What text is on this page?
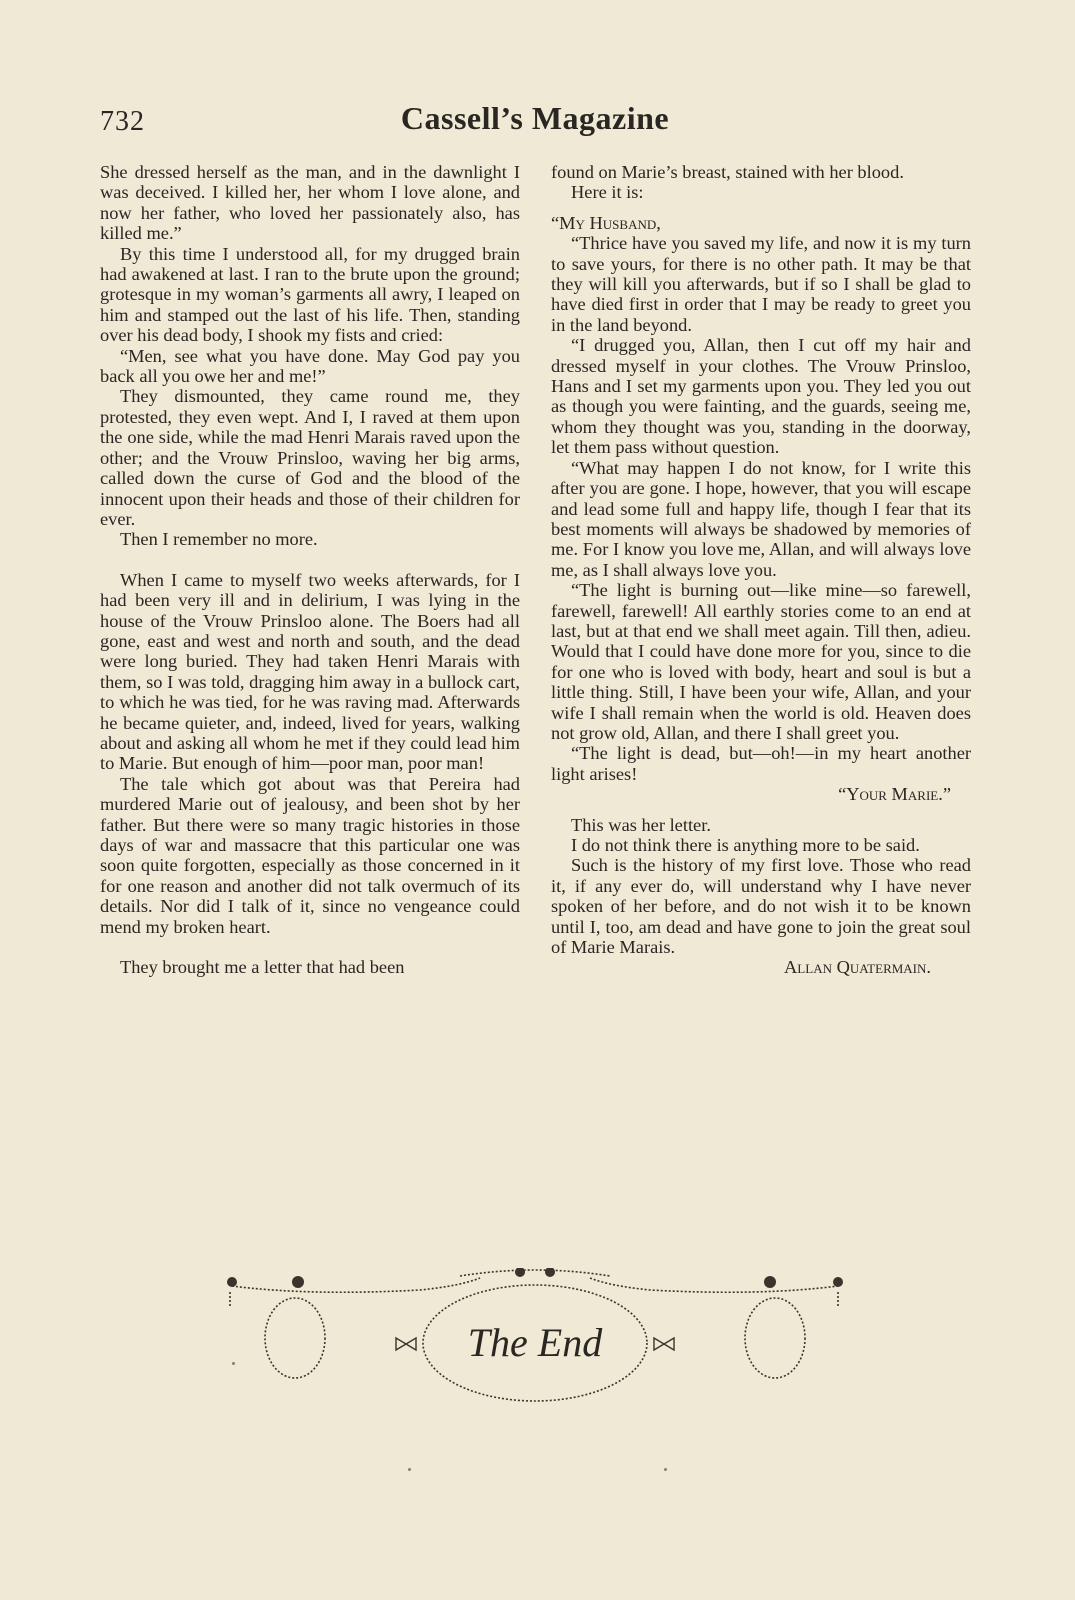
732	Cassell’s Magazine

She dressed herself as the man, and in the dawnlight I was deceived. I killed her, her whom I love alone, and now her father, who loved her passionately also, has killed me.”

By this time I understood all, for my drugged brain had awakened at last. I ran to the brute upon the ground; grotesque in my woman’s garments all awry, I leaped on him and stamped out the last of his life. Then, standing over his dead body, I shook my fists and cried:

“Men, see what you have done. May God pay you back all you owe her and me!”

They dismounted, they came round me, they protested, they even wept. And I, I raved at them upon the one side, while the mad Henri Marais raved upon the other; and the Vrouw Prinsloo, waving her big arms, called down the curse of God and the blood of the innocent upon their heads and those of their children for ever.

Then I remember no more.

When I came to myself two weeks afterwards, for I had been very ill and in delirium, I was lying in the house of the Vrouw Prinsloo alone. The Boers had all gone, east and west and north and south, and the dead were long buried. They had taken Henri Marais with them, so I was told, dragging him away in a bullock cart, to which he was tied, for he was raving mad. Afterwards he became quieter, and, indeed, lived for years, walking about and asking all whom he met if they could lead him to Marie. But enough of him—poor man, poor man!

The tale which got about was that Pereira had murdered Marie out of jealousy, and been shot by her father. But there were so many tragic histories in those days of war and massacre that this particular one was soon quite forgotten, especially as those concerned in it for one reason and another did not talk overmuch of its details. Nor did I talk of it, since no vengeance could mend my broken heart.

They brought me a letter that had been

found on Marie’s breast, stained with her blood.

Here it is:

“My Husband,

“Thrice have you saved my life, and now it is my turn to save yours, for there is no other path. It may be that they will kill you afterwards, but if so I shall be glad to have died first in order that I may be ready to greet you in the land beyond.

“I drugged you, Allan, then I cut off my hair and dressed myself in your clothes. The Vrouw Prinsloo, Hans and I set my garments upon you. They led you out as though you were fainting, and the guards, seeing me, whom they thought was you, standing in the doorway, let them pass without question.

“What may happen I do not know, for I write this after you are gone. I hope, however, that you will escape and lead some full and happy life, though I fear that its best moments will always be shadowed by memories of me. For I know you love me, Allan, and will always love me, as I shall always love you.

“The light is burning out—like mine—so farewell, farewell, farewell! All earthly stories come to an end at last, but at that end we shall meet again. Till then, adieu. Would that I could have done more for you, since to die for one who is loved with body, heart and soul is but a little thing. Still, I have been your wife, Allan, and your wife I shall remain when the world is old. Heaven does not grow old, Allan, and there I shall greet you.

“The light is dead, but—oh!—in my heart another light arises!

“Your Marie.”

This was her letter.

I do not think there is anything more to be said.

Such is the history of my first love. Those who read it, if any ever do, will understand why I have never spoken of her before, and do not wish it to be known until I, too, am dead and have gone to join the great soul of Marie Marais.

Allan Quatermain.

The End
